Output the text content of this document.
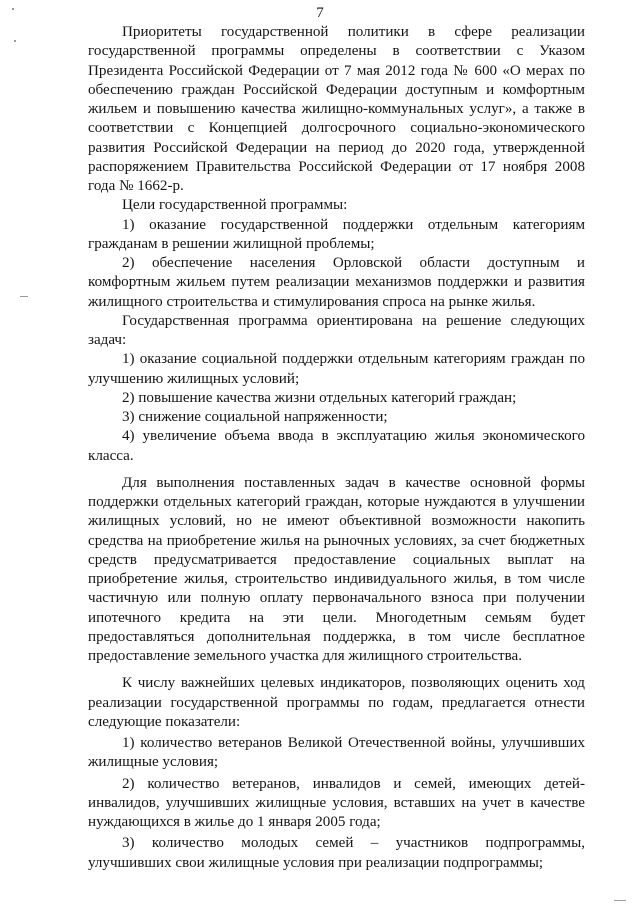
7

Приоритеты государственной политики в сфере реализации государственной программы определены в соответствии с Указом Президента Российской Федерации от 7 мая 2012 года № 600 «О мерах по обеспечению граждан Российской Федерации доступным и комфортным жильем и повышению качества жилищно-коммунальных услуг», а также в соответствии с Концепцией долгосрочного социально-экономического развития Российской Федерации на период до 2020 года, утвержденной распоряжением Правительства Российской Федерации от 17 ноября 2008 года № 1662-р.

Цели государственной программы:

1) оказание государственной поддержки отдельным категориям гражданам в решении жилищной проблемы;

2) обеспечение населения Орловской области доступным и комфортным жильем путем реализации механизмов поддержки и развития жилищного строительства и стимулирования спроса на рынке жилья.

Государственная программа ориентирована на решение следующих задач:

1) оказание социальной поддержки отдельным категориям граждан по улучшению жилищных условий;

2) повышение качества жизни отдельных категорий граждан;

3) снижение социальной напряженности;

4) увеличение объема ввода в эксплуатацию жилья экономического класса.

Для выполнения поставленных задач в качестве основной формы поддержки отдельных категорий граждан, которые нуждаются в улучшении жилищных условий, но не имеют объективной возможности накопить средства на приобретение жилья на рыночных условиях, за счет бюджетных средств предусматривается предоставление социальных выплат на приобретение жилья, строительство индивидуального жилья, в том числе частичную или полную оплату первоначального взноса при получении ипотечного кредита на эти цели. Многодетным семьям будет предоставляться дополнительная поддержка, в том числе бесплатное предоставление земельного участка для жилищного строительства.

К числу важнейших целевых индикаторов, позволяющих оценить ход реализации государственной программы по годам, предлагается отнести следующие показатели:

1) количество ветеранов Великой Отечественной войны, улучшивших жилищные условия;

2) количество ветеранов, инвалидов и семей, имеющих детей-инвалидов, улучшивших жилищные условия, вставших на учет в качестве нуждающихся в жилье до 1 января 2005 года;

3) количество молодых семей – участников подпрограммы, улучшивших свои жилищные условия при реализации подпрограммы;
